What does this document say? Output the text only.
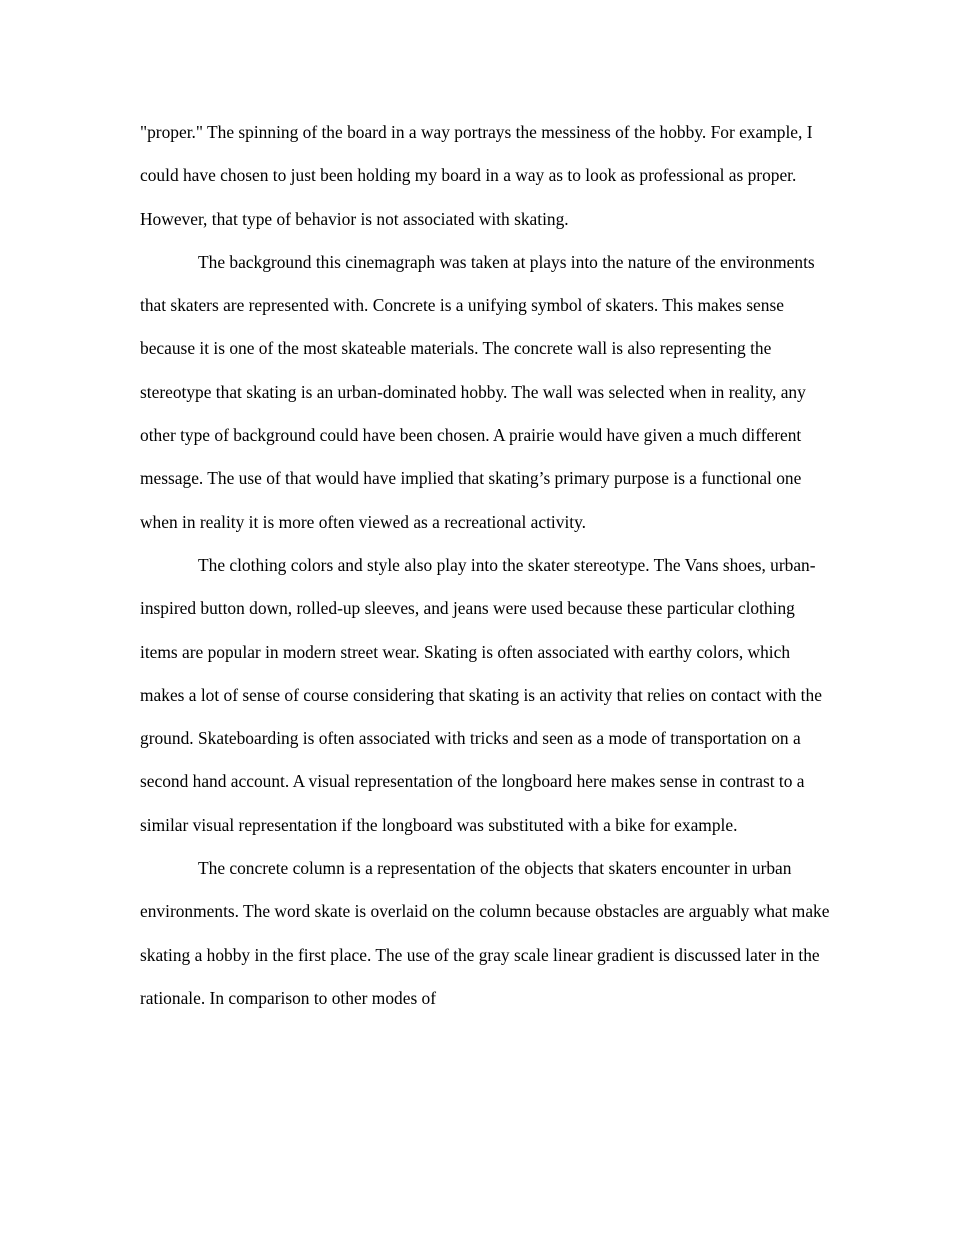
"proper." The spinning of the board in a way portrays the messiness of the hobby. For example, I could have chosen to just been holding my board in a way as to look as professional as proper. However, that type of behavior is not associated with skating.

The background this cinemagraph was taken at plays into the nature of the environments that skaters are represented with. Concrete is a unifying symbol of skaters. This makes sense because it is one of the most skateable materials. The concrete wall is also representing the stereotype that skating is an urban-dominated hobby. The wall was selected when in reality, any other type of background could have been chosen. A prairie would have given a much different message. The use of that would have implied that skating’s primary purpose is a functional one when in reality it is more often viewed as a recreational activity.

The clothing colors and style also play into the skater stereotype. The Vans shoes, urban-inspired button down, rolled-up sleeves, and jeans were used because these particular clothing items are popular in modern street wear. Skating is often associated with earthy colors, which makes a lot of sense of course considering that skating is an activity that relies on contact with the ground. Skateboarding is often associated with tricks and seen as a mode of transportation on a second hand account. A visual representation of the longboard here makes sense in contrast to a similar visual representation if the longboard was substituted with a bike for example.

The concrete column is a representation of the objects that skaters encounter in urban environments. The word skate is overlaid on the column because obstacles are arguably what make skating a hobby in the first place. The use of the gray scale linear gradient is discussed later in the rationale. In comparison to other modes of
